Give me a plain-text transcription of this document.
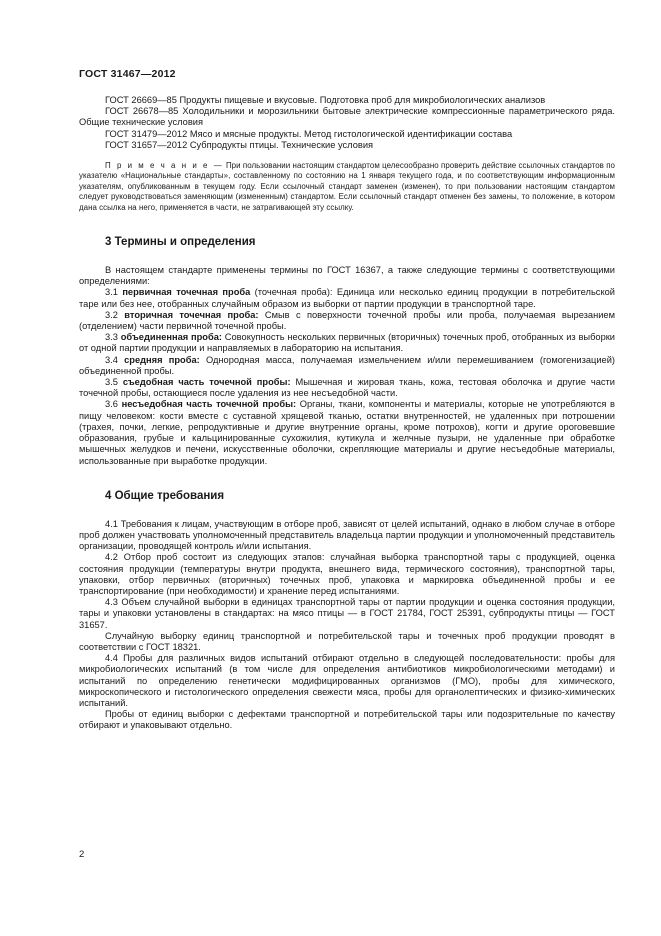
ГОСТ 31467—2012

ГОСТ 26669—85 Продукты пищевые и вкусовые. Подготовка проб для микробиологических анализов

ГОСТ 26678—85 Холодильники и морозильники бытовые электрические компрессионные параметрического ряда. Общие технические условия

ГОСТ 31479—2012 Мясо и мясные продукты. Метод гистологической идентификации состава

ГОСТ 31657—2012 Субпродукты птицы. Технические условия

П р и м е ч а н и е — При пользовании настоящим стандартом целесообразно проверить действие ссылочных стандартов по указателю «Национальные стандарты», составленному по состоянию на 1 января текущего года, и по соответствующим информационным указателям, опубликованным в текущем году. Если ссылочный стандарт заменен (изменен), то при пользовании настоящим стандартом следует руководствоваться заменяющим (измененным) стандартом. Если ссылочный стандарт отменен без замены, то положение, в котором дана ссылка на него, применяется в части, не затрагивающей эту ссылку.

3 Термины и определения

В настоящем стандарте применены термины по ГОСТ 16367, а также следующие термины с соответствующими определениями:

3.1 первичная точечная проба (точечная проба): Единица или несколько единиц продукции в потребительской таре или без нее, отобранных случайным образом из выборки от партии продукции в транспортной таре.

3.2 вторичная точечная проба: Смыв с поверхности точечной пробы или проба, получаемая вырезанием (отделением) части первичной точечной пробы.

3.3 объединенная проба: Совокупность нескольких первичных (вторичных) точечных проб, отобранных из выборки от одной партии продукции и направляемых в лабораторию на испытания.

3.4 средняя проба: Однородная масса, получаемая измельчением и/или перемешиванием (гомогенизацией) объединенной пробы.

3.5 съедобная часть точечной пробы: Мышечная и жировая ткань, кожа, тестовая оболочка и другие части точечной пробы, остающиеся после удаления из нее несъедобной части.

3.6 несъедобная часть точечной пробы: Органы, ткани, компоненты и материалы, которые не употребляются в пищу человеком: кости вместе с суставной хрящевой тканью, остатки внутренностей, не удаленных при потрошении (трахея, почки, легкие, репродуктивные и другие внутренние органы, кроме потрохов), когти и другие ороговевшие образования, грубые и кальцинированные сухожилия, кутикула и желчные пузыри, не удаленные при обработке мышечных желудков и печени, искусственные оболочки, скрепляющие материалы и другие несъедобные материалы, использованные при выработке продукции.

4 Общие требования

4.1 Требования к лицам, участвующим в отборе проб, зависят от целей испытаний, однако в любом случае в отборе проб должен участвовать уполномоченный представитель владельца партии продукции и уполномоченный представитель организации, проводящей контроль и/или испытания.

4.2 Отбор проб состоит из следующих этапов: случайная выборка транспортной тары с продукцией, оценка состояния продукции (температуры внутри продукта, внешнего вида, термического состояния), транспортной тары, упаковки, отбор первичных (вторичных) точечных проб, упаковка и маркировка объединенной пробы и ее транспортирование (при необходимости) и хранение перед испытаниями.

4.3 Объем случайной выборки в единицах транспортной тары от партии продукции и оценка состояния продукции, тары и упаковки установлены в стандартах: на мясо птицы — в ГОСТ 21784, ГОСТ 25391, субпродукты птицы — ГОСТ 31657.

Случайную выборку единиц транспортной и потребительской тары и точечных проб продукции проводят в соответствии с ГОСТ 18321.

4.4 Пробы для различных видов испытаний отбирают отдельно в следующей последовательности: пробы для микробиологических испытаний (в том числе для определения антибиотиков микробиологическими методами) и испытаний по определению генетически модифицированных организмов (ГМО), пробы для химического, микроскопического и гистологического определения свежести мяса, пробы для органолептических и физико-химических испытаний.

Пробы от единиц выборки с дефектами транспортной и потребительской тары или подозрительные по качеству отбирают и упаковывают отдельно.

2
